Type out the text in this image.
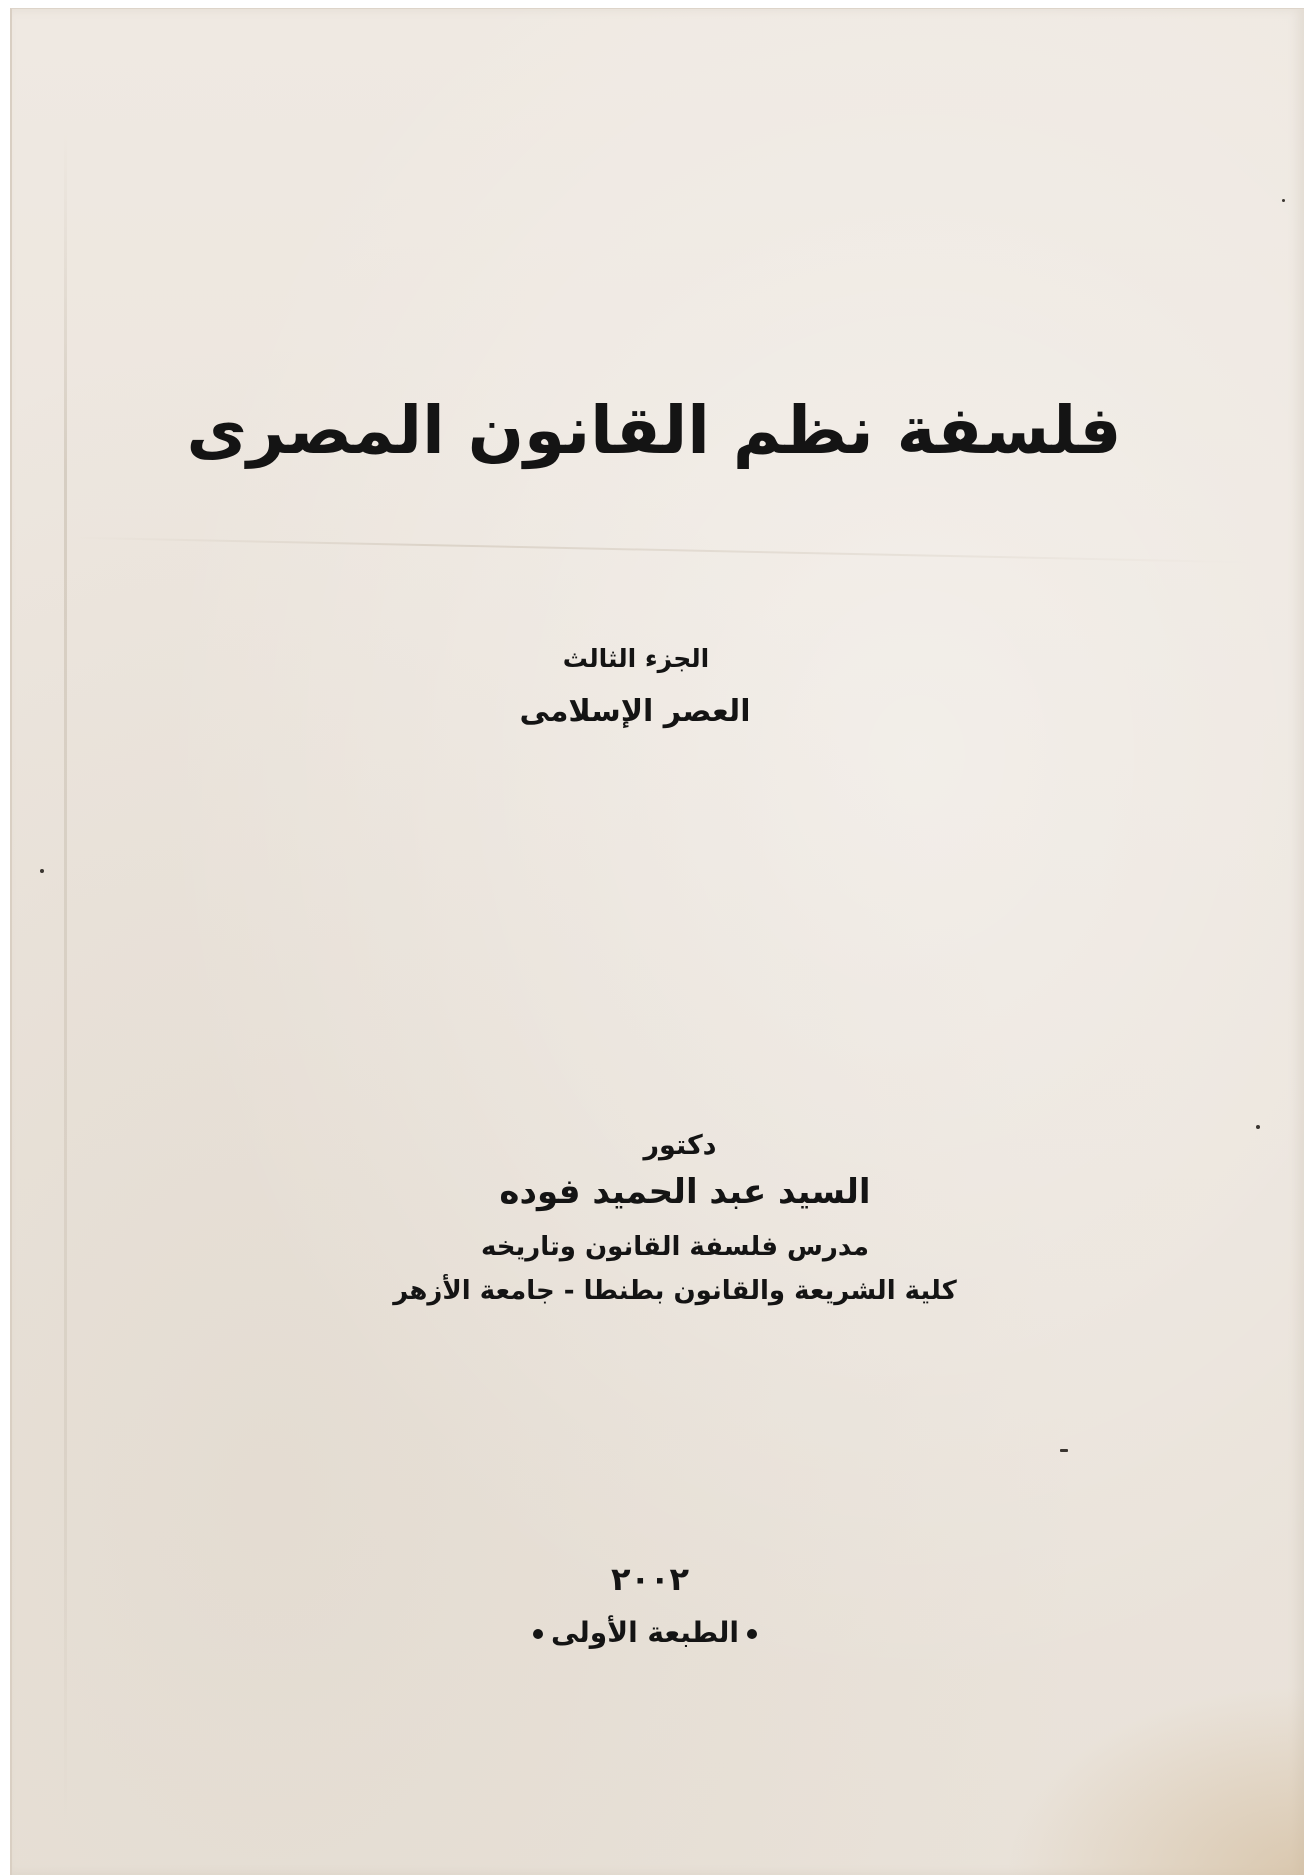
فلسفة نظم القانون المصرى
الجزء الثالث
العصر الإسلامى
دكتور
السيد عبد الحميد فوده
مدرس فلسفة القانون وتاريخه
كلية الشريعة والقانون بطنطا - جامعة الأزهر
٢٠٠٢
الطبعة الأولى
